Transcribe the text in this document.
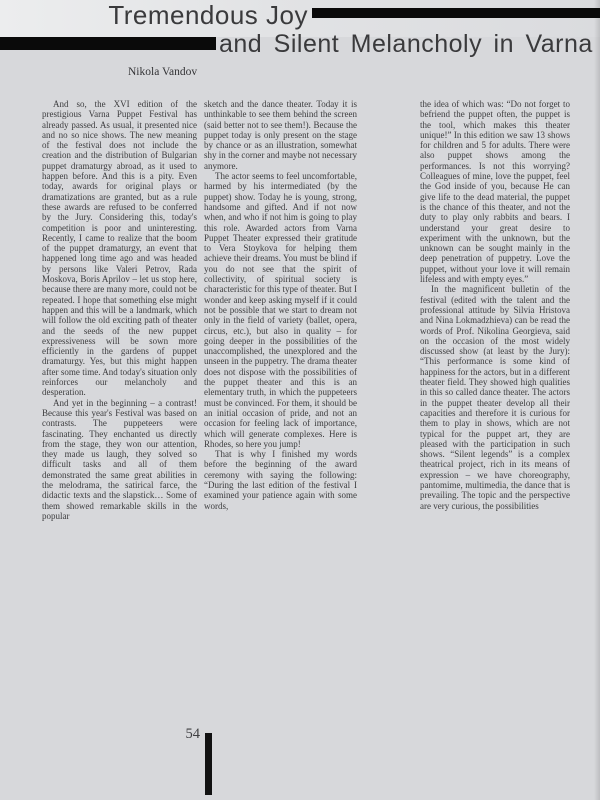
Tremendous Joy
and Silent Melancholy in Varna
Nikola Vandov

And so, the XVI edition of the prestigious Varna Puppet Festival has already passed. As usual, it presented nice and no so nice shows. The new meaning of the festival does not include the creation and the distribution of Bulgarian puppet dramaturgy abroad, as it used to happen before. And this is a pity. Even today, awards for original plays or dramatizations are granted, but as a rule these awards are refused to be conferred by the Jury. Considering this, today's competition is poor and uninteresting. Recently, I came to realize that the boom of the puppet dramaturgy, an event that happened long time ago and was headed by persons like Valeri Petrov, Rada Moskova, Boris Aprilov – let us stop here, because there are many more, could not be repeated. I hope that something else might happen and this will be a landmark, which will follow the old exciting path of theater and the seeds of the new puppet expressiveness will be sown more efficiently in the gardens of puppet dramaturgy. Yes, but this might happen after some time. And today's situation only reinforces our melancholy and desperation.

And yet in the beginning – a contrast! Because this year's Festival was based on contrasts. The puppeteers were fascinating. They enchanted us directly from the stage, they won our attention, they made us laugh, they solved so difficult tasks and all of them demonstrated the same great abilities in the melodrama, the satirical farce, the didactic texts and the slapstick… Some of them showed remarkable skills in the popular

sketch and the dance theater. Today it is unthinkable to see them behind the screen (said better not to see them!). Because the puppet today is only present on the stage by chance or as an illustration, somewhat shy in the corner and maybe not necessary anymore.

The actor seems to feel uncomfortable, harmed by his intermediated (by the puppet) show. Today he is young, strong, handsome and gifted. And if not now when, and who if not him is going to play this role. Awarded actors from Varna Puppet Theater expressed their gratitude to Vera Stoykova for helping them achieve their dreams. You must be blind if you do not see that the spirit of collectivity, of spiritual society is characteristic for this type of theater. But I wonder and keep asking myself if it could not be possible that we start to dream not only in the field of variety (ballet, opera, circus, etc.), but also in quality – for going deeper in the possibilities of the unaccomplished, the unexplored and the unseen in the puppetry. The drama theater does not dispose with the possibilities of the puppet theater and this is an elementary truth, in which the puppeteers must be convinced. For them, it should be an initial occasion of pride, and not an occasion for feeling lack of importance, which will generate complexes. Here is Rhodes, so here you jump!

That is why I finished my words before the beginning of the award ceremony with saying the following: “During the last edition of the festival I examined your patience again with some words,

the idea of which was: “Do not forget to befriend the puppet often, the puppet is the tool, which makes this theater unique!” In this edition we saw 13 shows for children and 5 for adults. There were also puppet shows among the performances. Is not this worrying? Colleagues of mine, love the puppet, feel the God inside of you, because He can give life to the dead material, the puppet is the chance of this theater, and not the duty to play only rabbits and bears. I understand your great desire to experiment with the unknown, but the unknown can be sought mainly in the deep penetration of puppetry. Love the puppet, without your love it will remain lifeless and with empty eyes.”

In the magnificent bulletin of the festival (edited with the talent and the professional attitude by Silvia Hristova and Nina Lokmadzhieva) can be read the words of Prof. Nikolina Georgieva, said on the occasion of the most widely discussed show (at least by the Jury): “This performance is some kind of happiness for the actors, but in a different theater field. They showed high qualities in this so called dance theater. The actors in the puppet theater develop all their capacities and therefore it is curious for them to play in shows, which are not typical for the puppet art, they are pleased with the participation in such shows. “Silent legends” is a complex theatrical project, rich in its means of expression – we have choreography, pantomime, multimedia, the dance that is prevailing. The topic and the perspective are very curious, the possibilities

54
